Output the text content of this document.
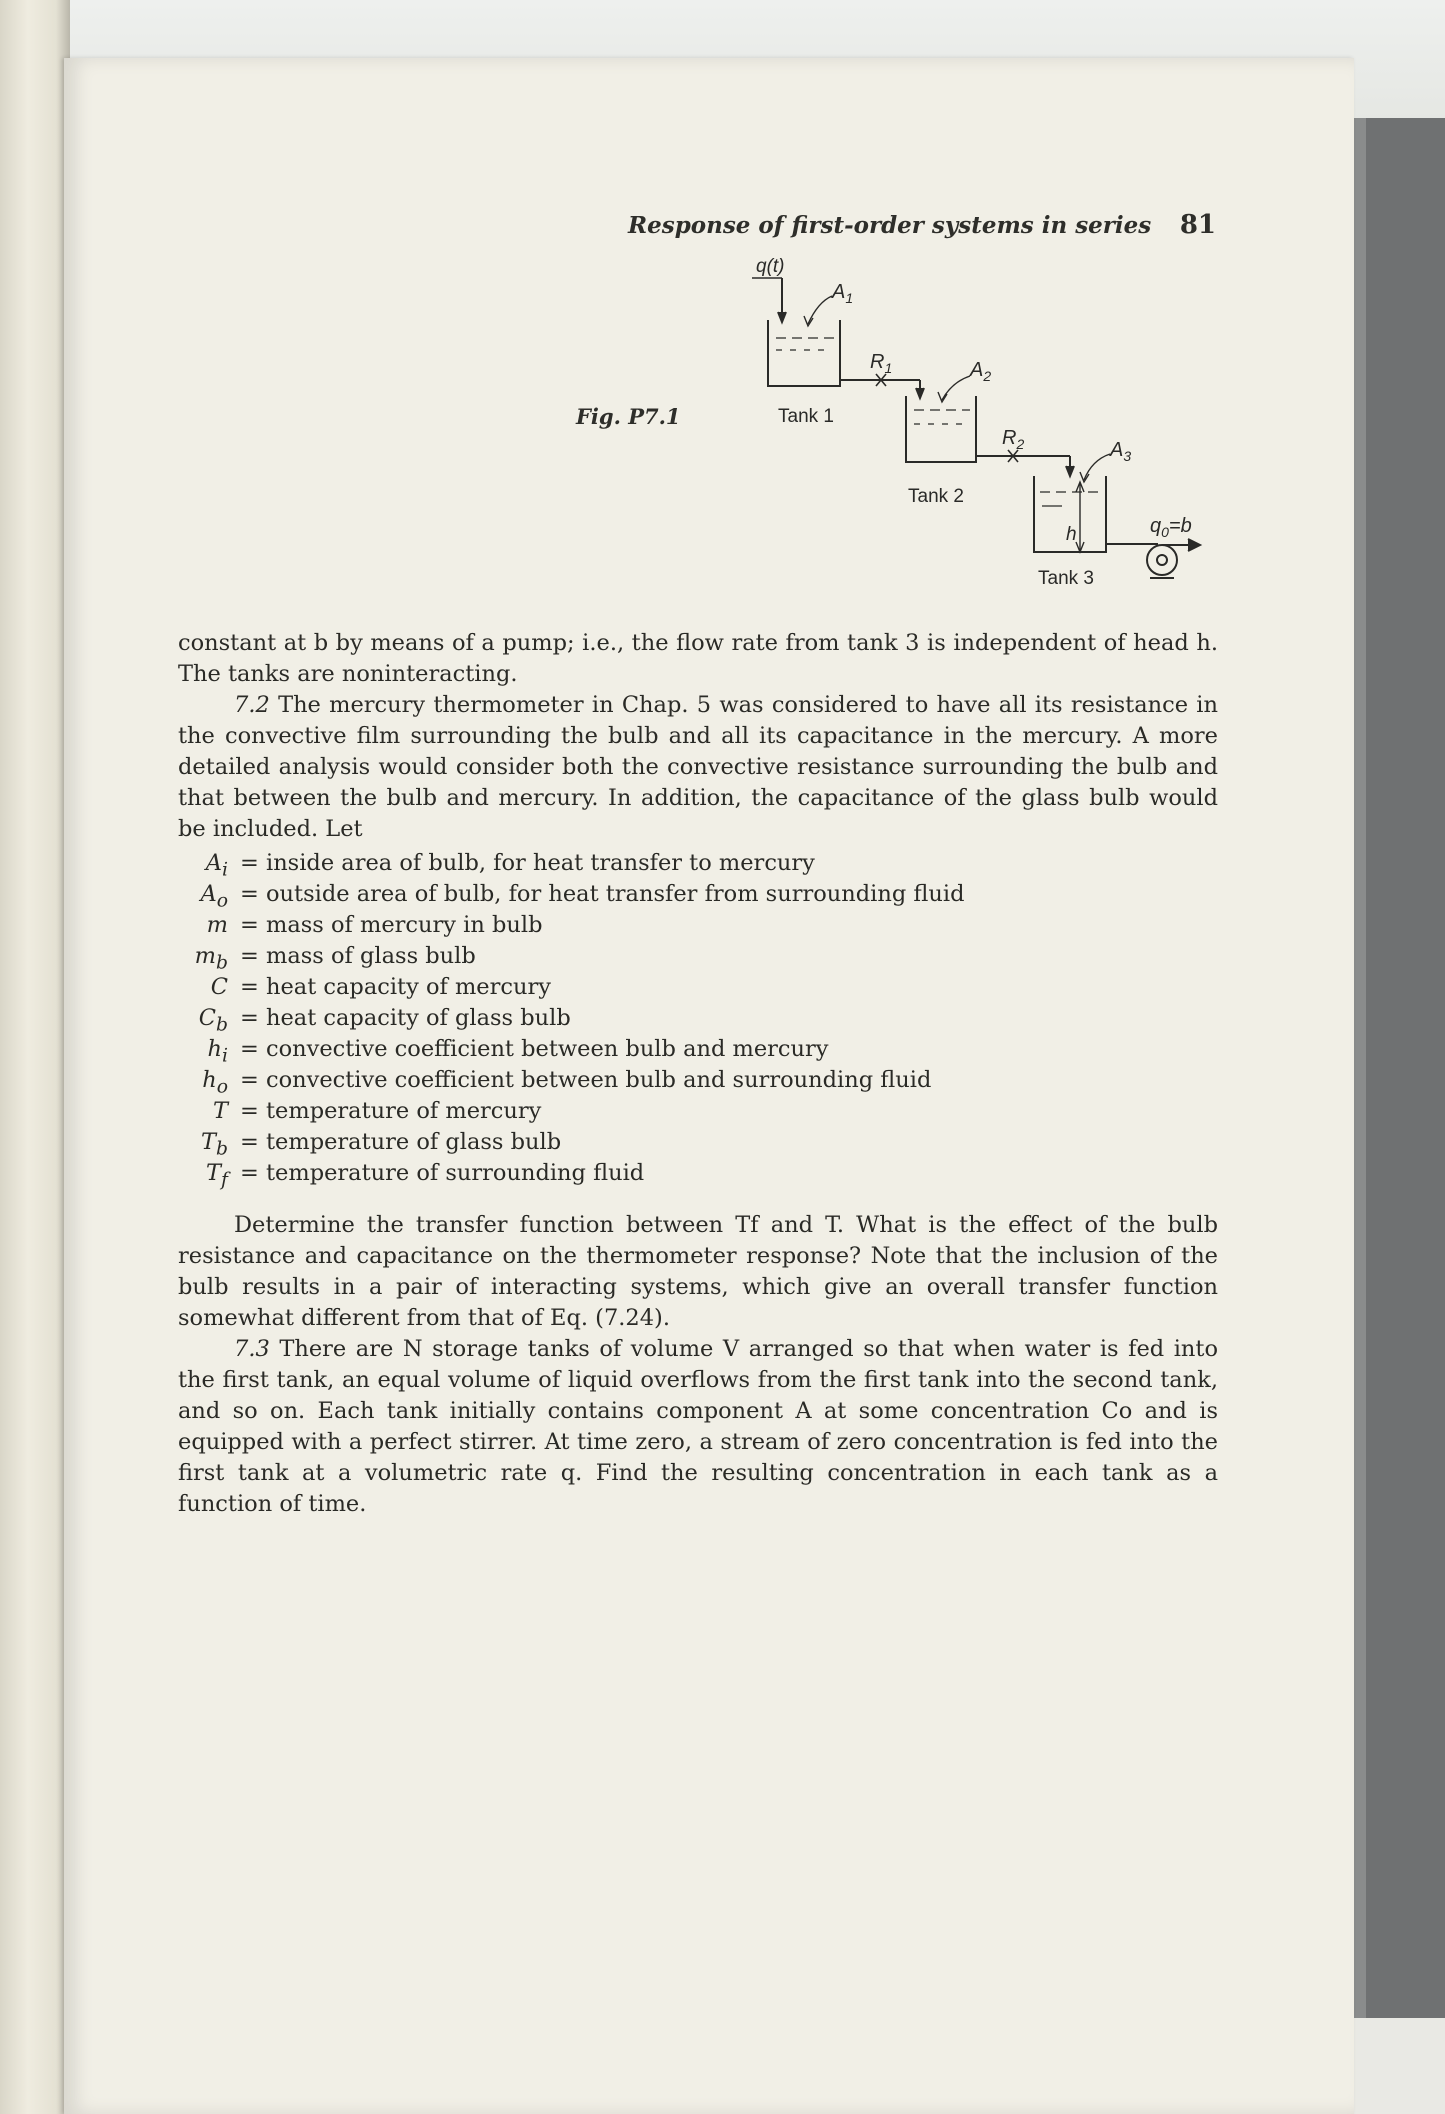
Response of first-order systems in series 81
Fig. P7.1
q(t)
$A_1$
$R_1$
Tank 1
$A_2$
$R_2$
Tank 2
$A_3$
h	$q_0=b$
Tank 3

constant at b by means of a pump; i.e., the flow rate from tank 3 is independent of head h. The tanks are noninteracting.

7.2 The mercury thermometer in Chap. 5 was considered to have all its resistance in the convective film surrounding the bulb and all its capacitance in the mercury. A more detailed analysis would consider both the convective resistance surrounding the bulb and that between the bulb and mercury. In addition, the capacitance of the glass bulb would be included. Let

$A_i$ = inside area of bulb, for heat transfer to mercury
$A_o$ = outside area of bulb, for heat transfer from surrounding fluid
m = mass of mercury in bulb
$m_b$ = mass of glass bulb
C = heat capacity of mercury
$C_b$ = heat capacity of glass bulb
$h_i$ = convective coefficient between bulb and mercury
$h_o$ = convective coefficient between bulb and surrounding fluid
T = temperature of mercury
$T_b$ = temperature of glass bulb
$T_f$ = temperature of surrounding fluid

Determine the transfer function between Tf and T. What is the effect of the bulb resistance and capacitance on the thermometer response? Note that the inclusion of the bulb results in a pair of interacting systems, which give an overall transfer function somewhat different from that of Eq. (7.24).

7.3 There are N storage tanks of volume V arranged so that when water is fed into the first tank, an equal volume of liquid overflows from the first tank into the second tank, and so on. Each tank initially contains component A at some concentration Co and is equipped with a perfect stirrer. At time zero, a stream of zero concentration is fed into the first tank at a volumetric rate q. Find the resulting concentration in each tank as a function of time.
